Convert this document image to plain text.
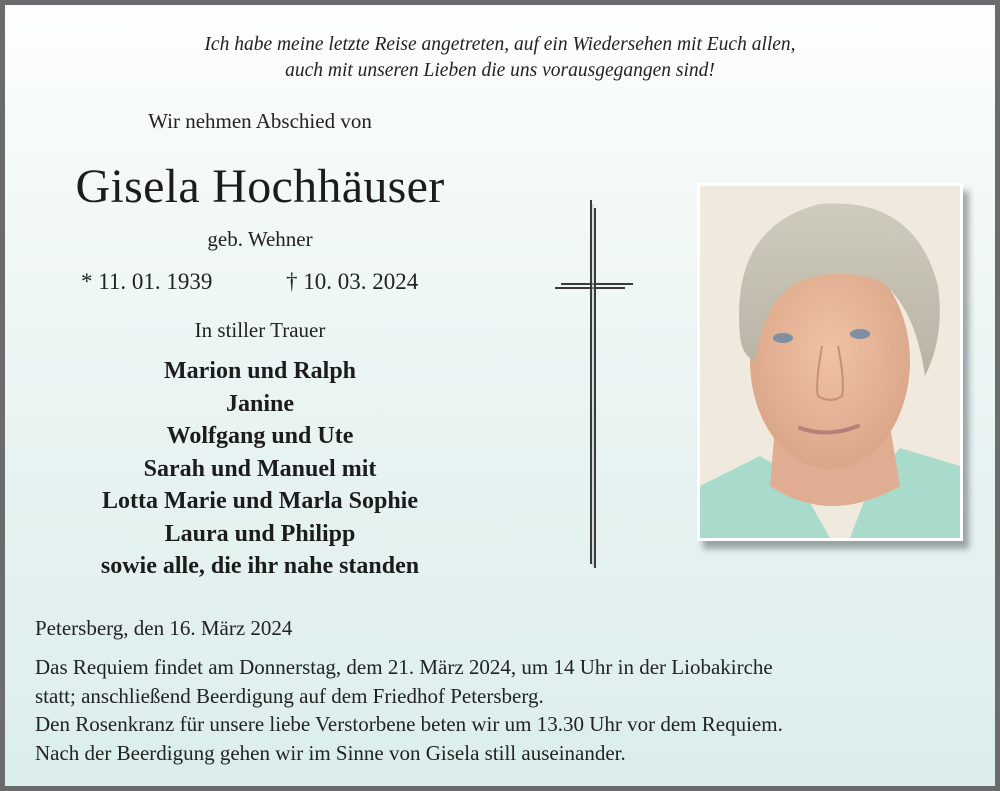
Ich habe meine letzte Reise angetreten, auf ein Wiedersehen mit Euch allen,
auch mit unseren Lieben die uns vorausgegangen sind!
Wir nehmen Abschied von
Gisela Hochhäuser
geb. Wehner
* 11. 01. 1939	† 10. 03. 2024
In stiller Trauer
Marion und Ralph
Janine
Wolfgang und Ute
Sarah und Manuel mit
Lotta Marie und Marla Sophie
Laura und Philipp
sowie alle, die ihr nahe standen
Petersberg, den 16. März 2024
Das Requiem findet am Donnerstag, dem 21. März 2024, um 14 Uhr in der Liobakirche
statt; anschließend Beerdigung auf dem Friedhof Petersberg.
Den Rosenkranz für unsere liebe Verstorbene beten wir um 13.30 Uhr vor dem Requiem.
Nach der Beerdigung gehen wir im Sinne von Gisela still auseinander.
